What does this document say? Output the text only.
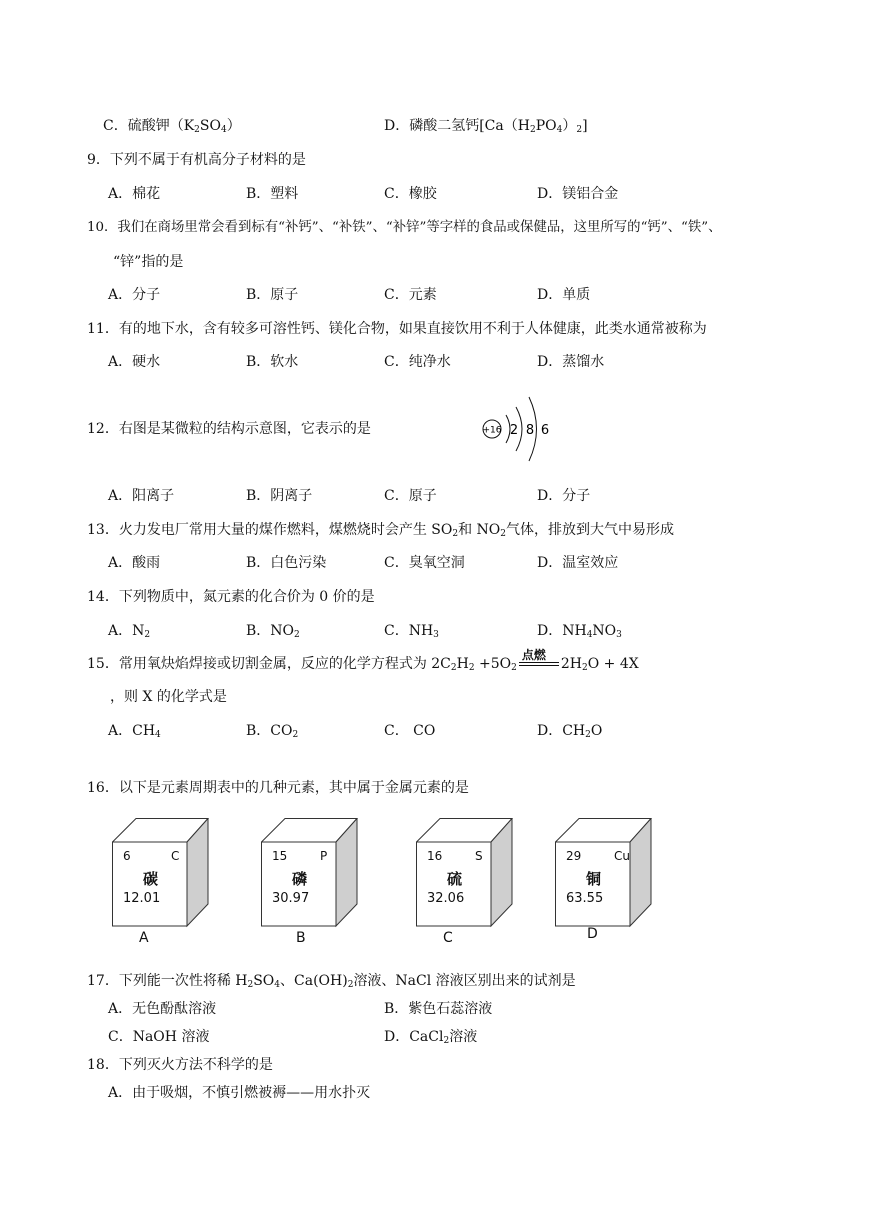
C．硫酸钾$(K_2SO_4)$	D．磷酸二氢钙$[Ca(H_2PO_4)_2]$
9．下列不属于有机高分子材料的是
A．棉花	B．塑料	C．橡胶	D．镁铝合金
10．我们在商场里常会看到标有“补钙”、“补铁”、“补锌”等字样的食品或保健品，这里所写的“钙”、“铁”、
“锌”指的是
A．分子	B．原子	C．元素	D．单质
11．有的地下水，含有较多可溶性钙、镁化合物，如果直接饮用不利于人体健康，此类水通常被称为
A．硬水	B．软水	C．纯净水	D．蒸馏水
12．右图是某微粒的结构示意图，它表示的是	+16 2 8 6
A．阳离子	B．阴离子	C．原子	D．分子
13．火力发电厂常用大量的煤作燃料，煤燃烧时会产生 $SO_2$和 $NO_2$气体，排放到大气中易形成
A．酸雨	B．白色污染	C．臭氧空洞	D．温室效应
14．下列物质中，氮元素的化合价为 0 价的是
A．$N_2$	B．$NO_2$	C．$NH_3$	D．$NH_4NO_3$
15．常用氧炔焰焊接或切割金属，反应的化学方程式为 $2C_2H_2 +5O_2$
点燃
$2H_2O + 4X$
，则 X 的化学式是
A．$CH_4$	B．$CO_2$	C． CO	D．$CH_2O$
16．以下是元素周期表中的几种元素，其中属于金属元素的是
6	C
碳
12.01
A
15	P
磷
30.97
B
16	S
硫
32.06
C
29	Cu
铜
63.55
D
17．下列能一次性将稀 $H_2SO_4$、$Ca(OH)_2$溶液、NaCl 溶液区别出来的试剂是
A．无色酚酞溶液	B．紫色石蕊溶液
C．NaOH 溶液	D．CaCl$_2$溶液
18．下列灭火方法不科学的是
A．由于吸烟，不慎引燃被褥——用水扑灭
